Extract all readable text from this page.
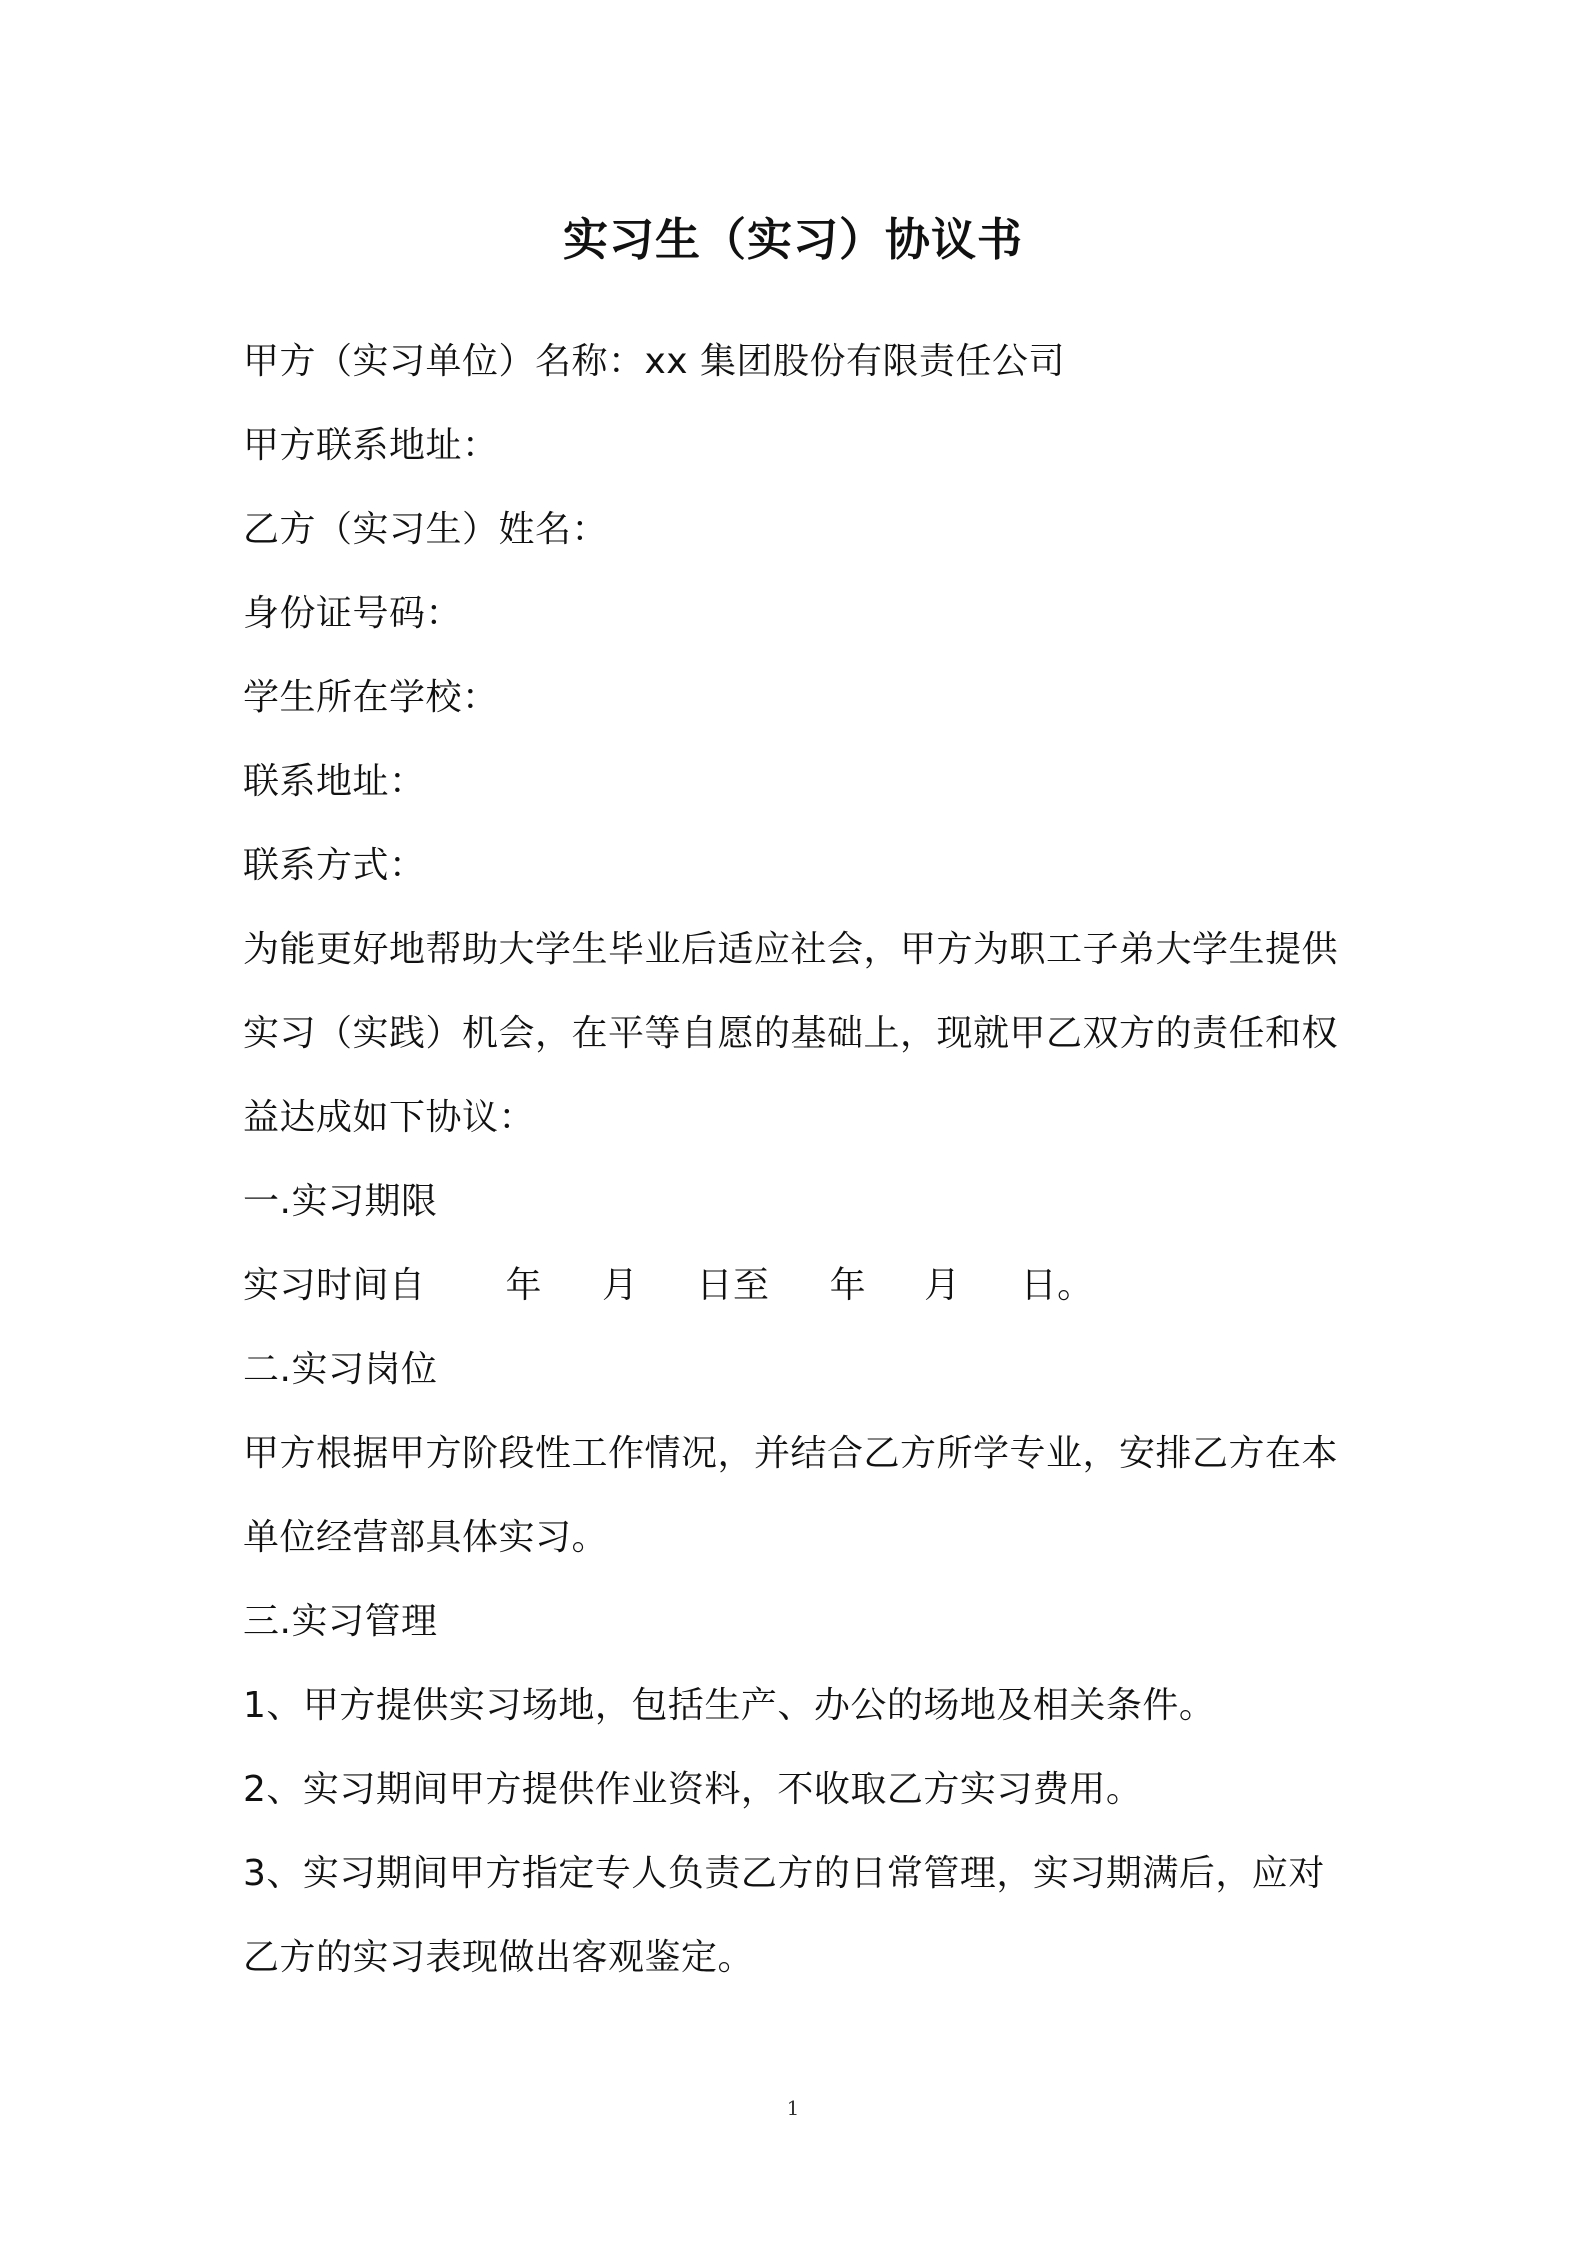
实习生（实习）协议书
甲方（实习单位）名称：xx 集团股份有限责任公司
甲方联系地址：
乙方（实习生）姓名：
身份证号码：
学生所在学校：
联系地址：
联系方式：
为能更好地帮助大学生毕业后适应社会，甲方为职工子弟大学生提供
实习（实践）机会，在平等自愿的基础上，现就甲乙双方的责任和权
益达成如下协议：
一.实习期限
实习时间自 年 月 日至 年 月 日。
二.实习岗位
甲方根据甲方阶段性工作情况，并结合乙方所学专业，安排乙方在本
单位经营部具体实习。
三.实习管理
1、甲方提供实习场地，包括生产、办公的场地及相关条件。
2、实习期间甲方提供作业资料，不收取乙方实习费用。
3、实习期间甲方指定专人负责乙方的日常管理，实习期满后，应对
乙方的实习表现做出客观鉴定。
1
